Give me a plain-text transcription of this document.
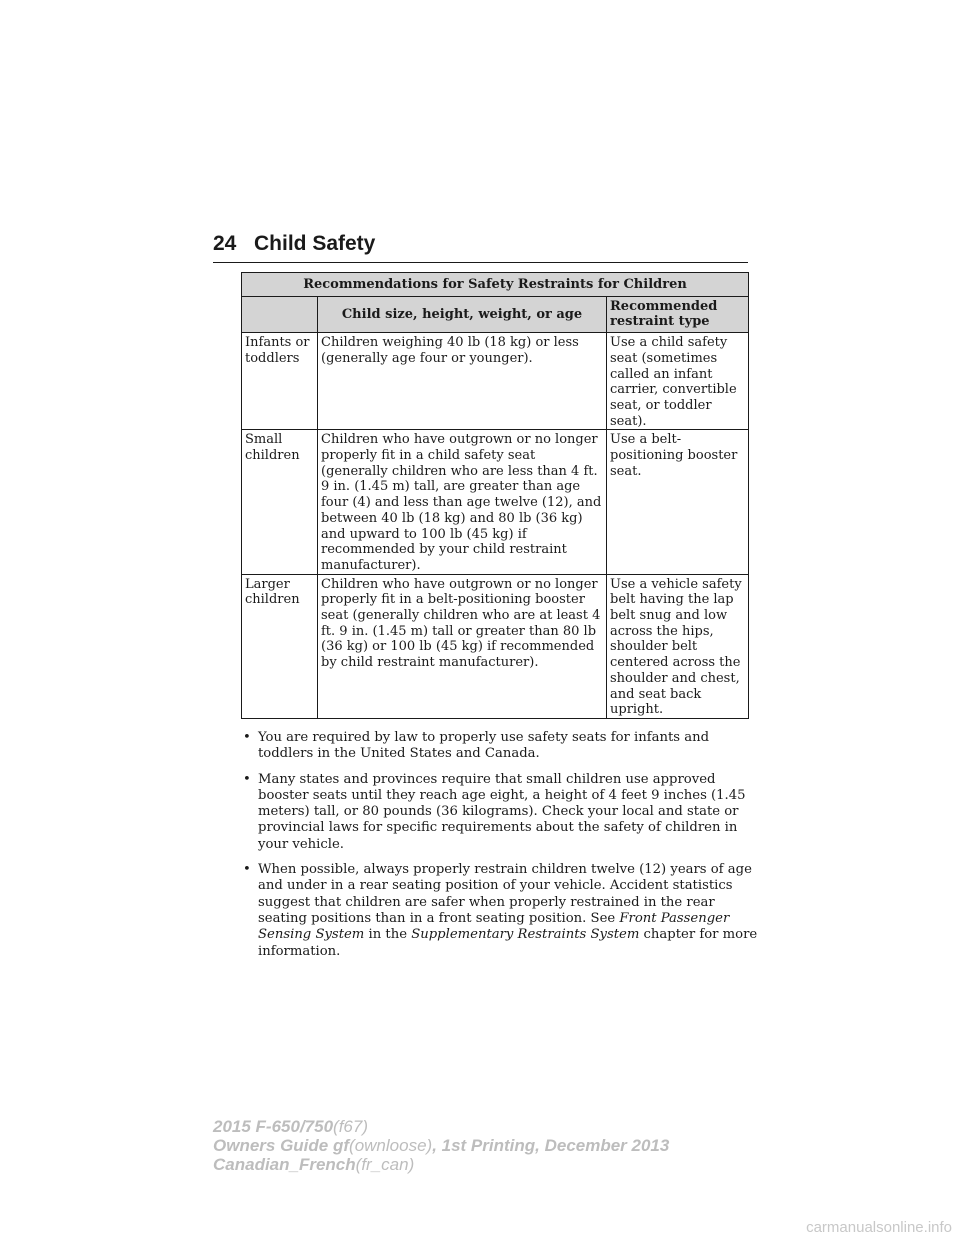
24 Child Safety
Recommendations for Safety Restraints for Children		
	Child size, height, weight, or age	Recommended restraint type
Infants or toddlers	Children weighing 40 lb (18 kg) or less (generally age four or younger).	Use a child safety seat (sometimes called an infant carrier, convertible seat, or toddler seat).
Small children	Children who have outgrown or no longer properly fit in a child safety seat (generally children who are less than 4 ft. 9 in. (1.45 m) tall, are greater than age four (4) and less than age twelve (12), and between 40 lb (18 kg) and 80 lb (36 kg) and upward to 100 lb (45 kg) if recommended by your child restraint manufacturer).	Use a belt-positioning booster seat.
Larger children	Children who have outgrown or no longer properly fit in a belt-positioning booster seat (generally children who are at least 4 ft. 9 in. (1.45 m) tall or greater than 80 lb (36 kg) or 100 lb (45 kg) if recommended by child restraint manufacturer).	Use a vehicle safety belt having the lap belt snug and low across the hips, shoulder belt centered across the shoulder and chest, and seat back upright.
• You are required by law to properly use safety seats for infants and toddlers in the United States and Canada.
• Many states and provinces require that small children use approved booster seats until they reach age eight, a height of 4 feet 9 inches (1.45 meters) tall, or 80 pounds (36 kilograms). Check your local and state or provincial laws for specific requirements about the safety of children in your vehicle.
• When possible, always properly restrain children twelve (12) years of age and under in a rear seating position of your vehicle. Accident statistics suggest that children are safer when properly restrained in the rear seating positions than in a front seating position. See Front Passenger Sensing System in the Supplementary Restraints System chapter for more information.
2015 F-650/750(f67)
Owners Guide gf(ownloose), 1st Printing, December 2013
Canadian_French(fr_can)
carmanualsonline.info
